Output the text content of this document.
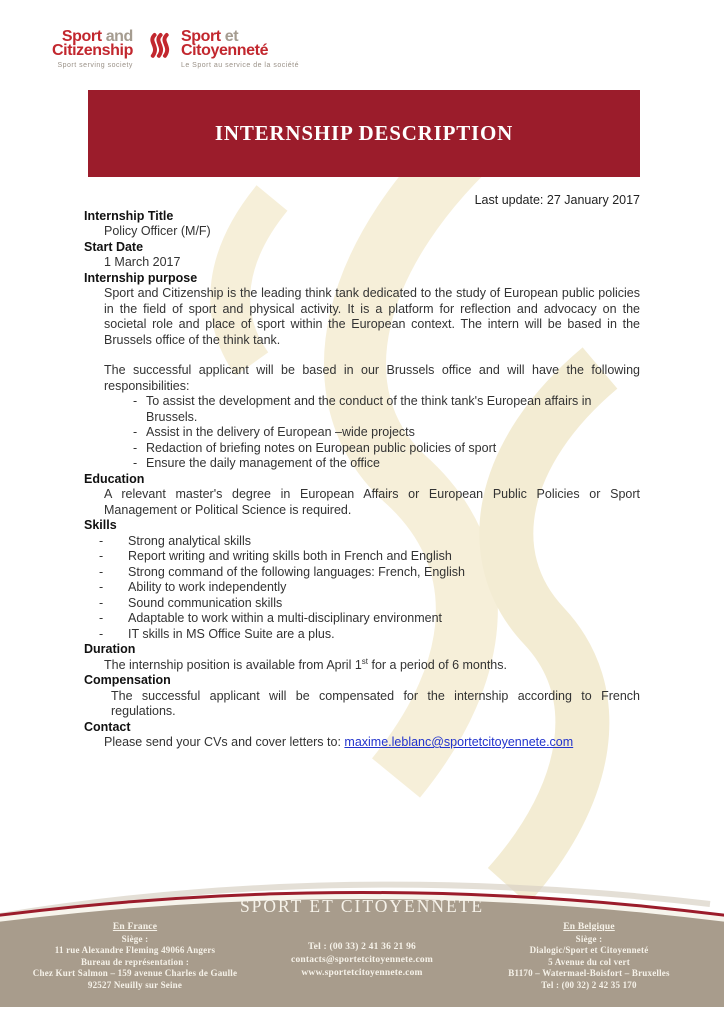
Sport and
Citizenship
Sport serving society
Sport et
Citoyenneté
Le Sport au service de la société
INTERNSHIP DESCRIPTION
Last update: 27 January 2017
Internship Title
Policy Officer (M/F)
Start Date
1 March 2017
Internship purpose

Sport and Citizenship is the leading think tank dedicated to the study of European public policies in the field of sport and physical activity. It is a platform for reflection and advocacy on the societal role and place of sport within the European context. The intern will be based in the Brussels office of the think tank.

The successful applicant will be based in our Brussels office and will have the following responsibilities:

- To assist the development and the conduct of the think tank's European affairs in Brussels.
- Assist in the delivery of European –wide projects
- Redaction of briefing notes on European public policies of sport
- Ensure the daily management of the office
Education

A relevant master's degree in European Affairs or European Public Policies or Sport Management or Political Science is required.

Skills
- Strong analytical skills
- Report writing and writing skills both in French and English
- Strong command of the following languages: French, English
- Ability to work independently
- Sound communication skills
- Adaptable to work within a multi-disciplinary environment
- IT skills in MS Office Suite are a plus.
Duration

The internship position is available from April 1st for a period of 6 months.

Compensation

The successful applicant will be compensated for the internship according to French regulations.

Contact

Please send your CVs and cover letters to: maxime.leblanc@sportetcitoyennete.com

SPORT ET CITOYENNETE
En France
Siège :
11 rue Alexandre Fleming 49066 Angers
Bureau de représentation :
Chez Kurt Salmon – 159 avenue Charles de Gaulle
92527 Neuilly sur Seine
Tel : (00 33) 2 41 36 21 96
contacts@sportetcitoyennete.com
www.sportetcitoyennete.com
En Belgique
Siège :
Dialogic/Sport et Citoyenneté
5 Avenue du col vert
B1170 – Watermael-Boisfort – Bruxelles
Tel : (00 32) 2 42 35 170
